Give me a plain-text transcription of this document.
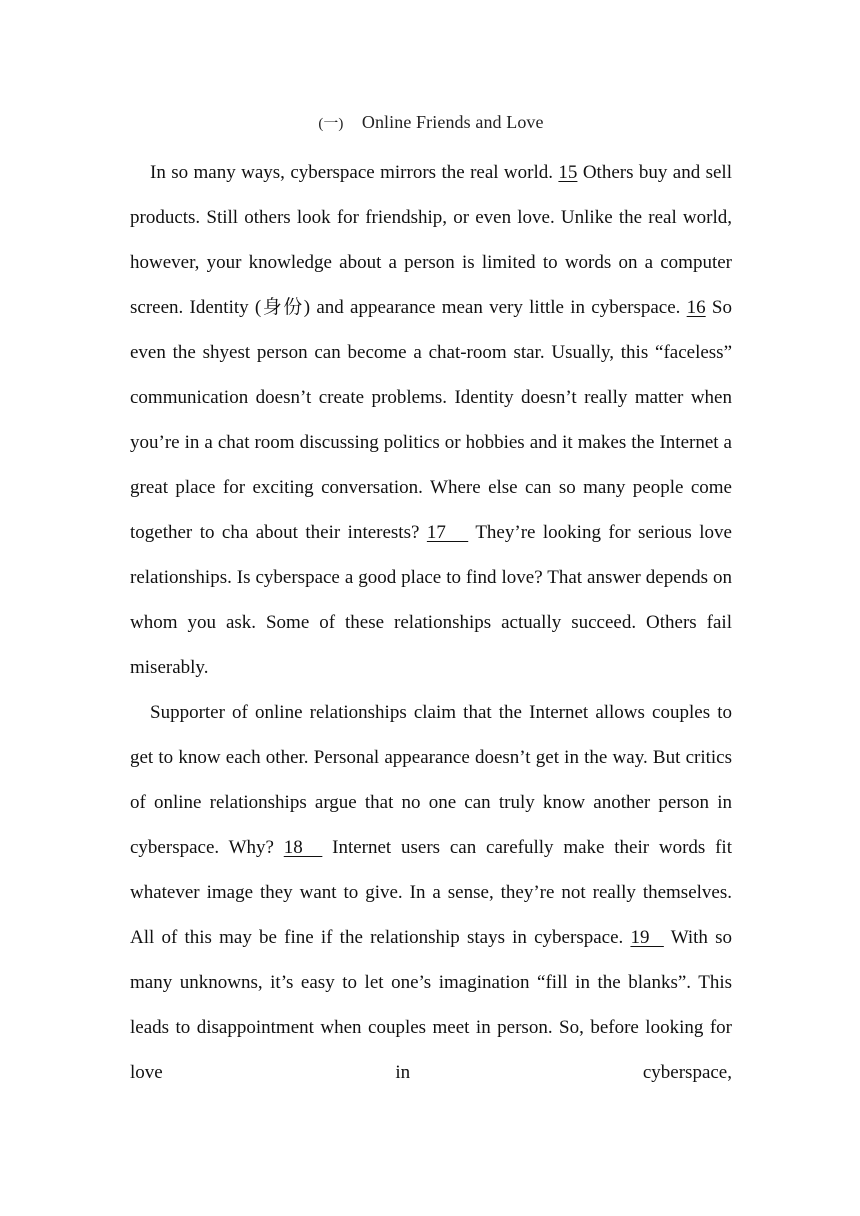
(一) Online Friends and Love

In so many ways, cyberspace mirrors the real world. 15 Others buy and sell products. Still others look for friendship, or even love. Unlike the real world, however, your knowledge about a person is limited to words on a computer screen. Identity (身份) and appearance mean very little in cyberspace. 16 So even the shyest person can become a chat-room star. Usually, this “faceless” communication doesn’t create problems. Identity doesn’t really matter when you’re in a chat room discussing politics or hobbies and it makes the Internet a great place for exciting conversation. Where else can so many people come together to cha about their interests? 17    They’re looking for serious love relationships. Is cyberspace a good place to find love? That answer depends on whom you ask. Some of these relationships actually succeed. Others fail miserably.

Supporter of online relationships claim that the Internet allows couples to get to know each other. Personal appearance doesn’t get in the way. But critics of online relationships argue that no one can truly know another person in cyberspace. Why? 18   Internet users can carefully make their words fit whatever image they want to give. In a sense, they’re not really themselves. All of this may be fine if the relationship stays in cyberspace. 19   With so many unknowns, it’s easy to let one’s imagination “fill in the blanks”. This leads to disappointment when couples meet in person. So, before looking for love in cyberspace,
